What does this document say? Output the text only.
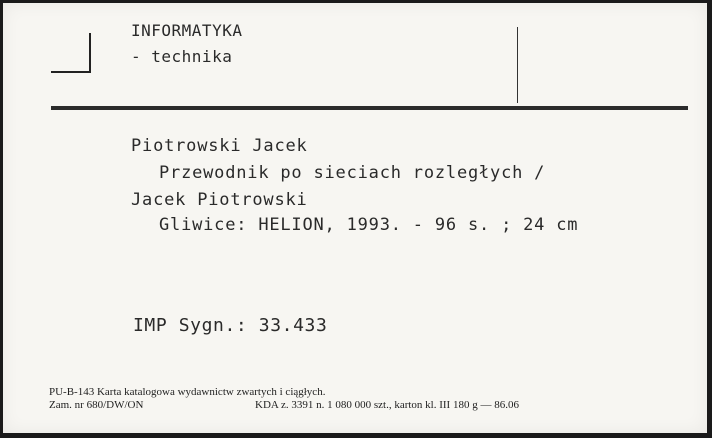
INFORMATYKA
- technika
Piotrowski Jacek
Przewodnik po sieciach rozległych /
Jacek Piotrowski
Gliwice: HELION, 1993. - 96 s. ; 24 cm
IMP Sygn.: 33.433
PU-B-143 Karta katalogowa wydawnictw zwartych i ciągłych.
Zam. nr 680/DW/ON	KDA z. 3391 n. 1 080 000 szt., karton kl. III 180 g — 86.06
